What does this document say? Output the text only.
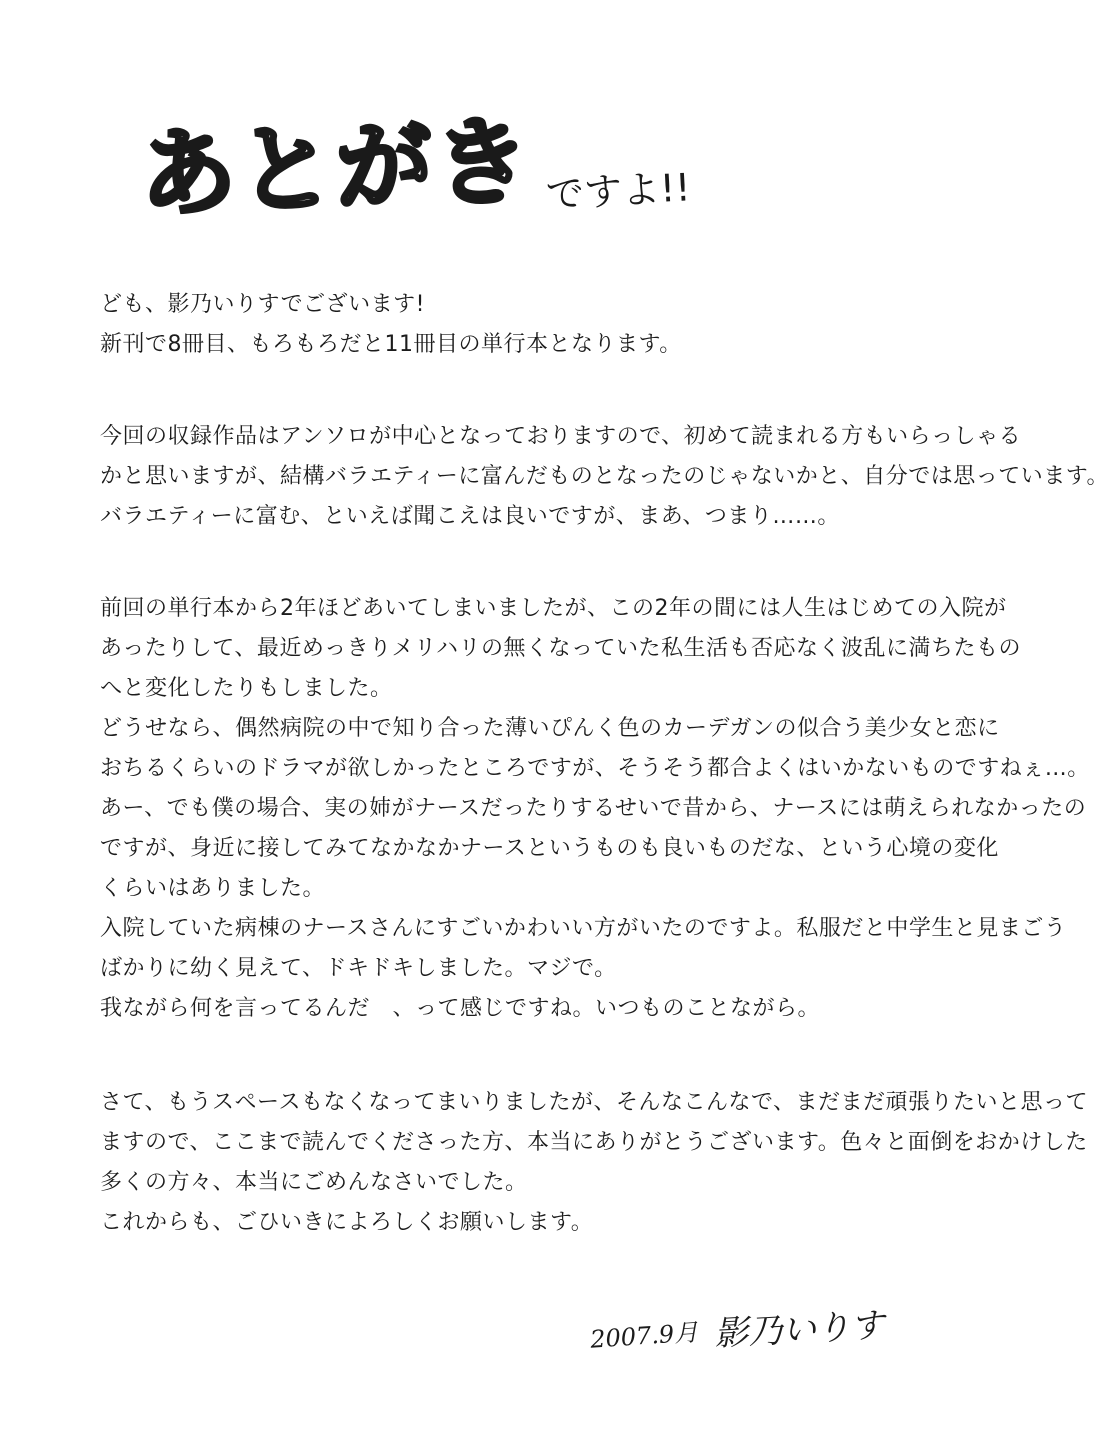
あとがき ですよ!!
ども、影乃いりすでございます!
新刊で8冊目、もろもろだと11冊目の単行本となります。
今回の収録作品はアンソロが中心となっておりますので、初めて読まれる方もいらっしゃる
かと思いますが、結構バラエティーに富んだものとなったのじゃないかと、自分では思っています。
バラエティーに富む、といえば聞こえは良いですが、まあ、つまり……。
前回の単行本から2年ほどあいてしまいましたが、この2年の間には人生はじめての入院が
あったりして、最近めっきりメリハリの無くなっていた私生活も否応なく波乱に満ちたもの
へと変化したりもしました。
どうせなら、偶然病院の中で知り合った薄いぴんく色のカーデガンの似合う美少女と恋に
おちるくらいのドラマが欲しかったところですが、そうそう都合よくはいかないものですねぇ…。
あー、でも僕の場合、実の姉がナースだったりするせいで昔から、ナースには萌えられなかったの
ですが、身近に接してみてなかなかナースというものも良いものだな、という心境の変化
くらいはありました。
入院していた病棟のナースさんにすごいかわいい方がいたのですよ。私服だと中学生と見まごう
ばかりに幼く見えて、ドキドキしました。マジで。
我ながら何を言ってるんだ　、って感じですね。いつものことながら。
さて、もうスペースもなくなってまいりましたが、そんなこんなで、まだまだ頑張りたいと思って
ますので、ここまで読んでくださった方、本当にありがとうございます。色々と面倒をおかけした
多くの方々、本当にごめんなさいでした。
これからも、ごひいきによろしくお願いします。
2007.9月 影乃いりす
